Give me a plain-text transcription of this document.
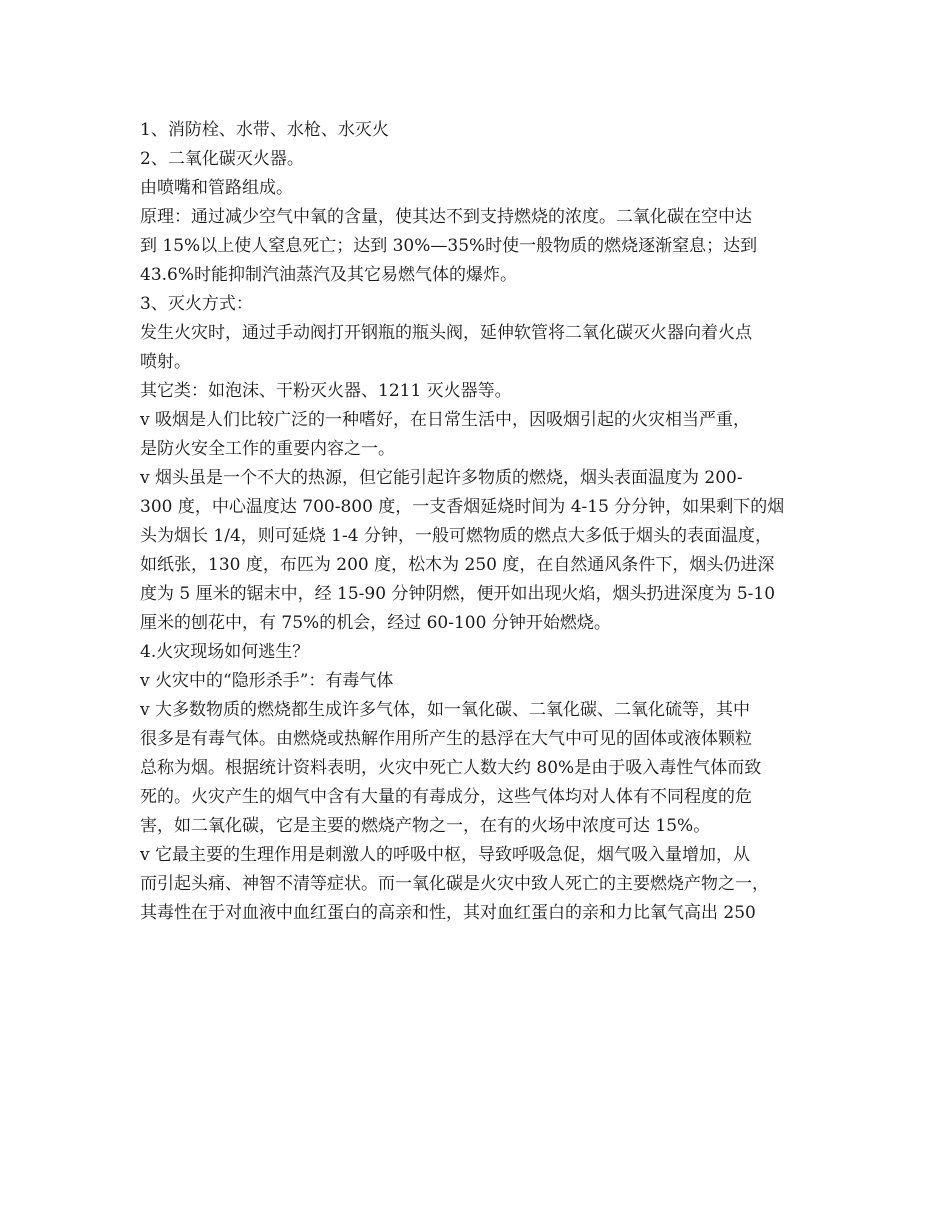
1、消防栓、水带、水枪、水灭火
2、二氧化碳灭火器。
由喷嘴和管路组成。
原理：通过减少空气中氧的含量，使其达不到支持燃烧的浓度。二氧化碳在空中达
到 15%以上使人窒息死亡；达到 30%—35%时使一般物质的燃烧逐渐窒息；达到
43.6%时能抑制汽油蒸汽及其它易燃气体的爆炸。
3、灭火方式：
发生火灾时，通过手动阀打开钢瓶的瓶头阀，延伸软管将二氧化碳灭火器向着火点
喷射。
其它类：如泡沫、干粉灭火器、1211 灭火器等。
v 吸烟是人们比较广泛的一种嗜好，在日常生活中，因吸烟引起的火灾相当严重，
是防火安全工作的重要内容之一。
v 烟头虽是一个不大的热源，但它能引起许多物质的燃烧，烟头表面温度为 200-
300 度，中心温度达 700-800 度，一支香烟延烧时间为 4-15 分分钟，如果剩下的烟
头为烟长 1/4，则可延烧 1-4 分钟，一般可燃物质的燃点大多低于烟头的表面温度，
如纸张，130 度，布匹为 200 度，松木为 250 度，在自然通风条件下，烟头仍进深
度为 5 厘米的锯末中，经 15-90 分钟阴燃，便开如出现火焰，烟头扔进深度为 5-10
厘米的刨花中，有 75%的机会，经过 60-100 分钟开始燃烧。
4.火灾现场如何逃生？
v 火灾中的“隐形杀手”：有毒气体
v 大多数物质的燃烧都生成许多气体，如一氧化碳、二氧化碳、二氧化硫等，其中
很多是有毒气体。由燃烧或热解作用所产生的悬浮在大气中可见的固体或液体颗粒
总称为烟。根据统计资料表明，火灾中死亡人数大约 80%是由于吸入毒性气体而致
死的。火灾产生的烟气中含有大量的有毒成分，这些气体均对人体有不同程度的危
害，如二氧化碳，它是主要的燃烧产物之一，在有的火场中浓度可达 15%。
v 它最主要的生理作用是刺激人的呼吸中枢，导致呼吸急促，烟气吸入量增加，从
而引起头痛、神智不清等症状。而一氧化碳是火灾中致人死亡的主要燃烧产物之一，
其毒性在于对血液中血红蛋白的高亲和性，其对血红蛋白的亲和力比氧气高出 250
